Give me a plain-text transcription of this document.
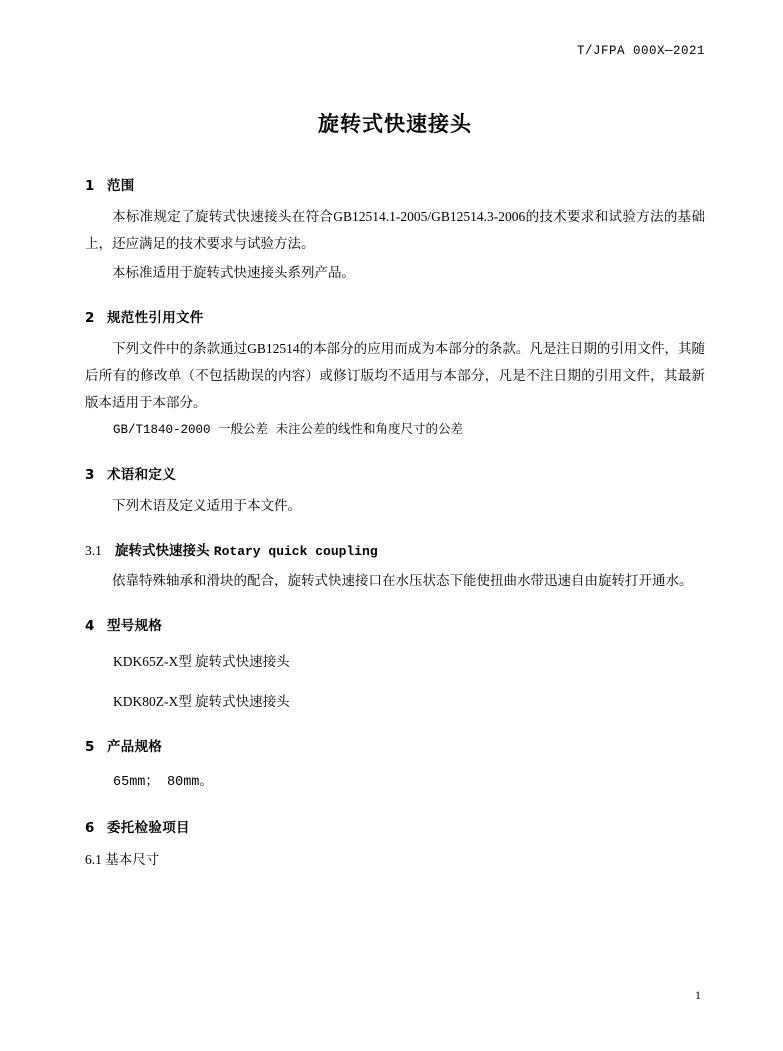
T/JFPA 000X—2021
旋转式快速接头
1 范围

本标准规定了旋转式快速接头在符合GB12514.1-2005/GB12514.3-2006的技术要求和试验方法的基础上，还应满足的技术要求与试验方法。

本标准适用于旋转式快速接头系列产品。

2 规范性引用文件

下列文件中的条款通过GB12514的本部分的应用而成为本部分的条款。凡是注日期的引用文件，其随后所有的修改单（不包括勘误的内容）或修订版均不适用与本部分，凡是不注日期的引用文件，其最新版本适用于本部分。

GB/T1840-2000 一般公差 未注公差的线性和角度尺寸的公差

3 术语和定义

下列术语及定义适用于本文件。

3.1 旋转式快速接头 Rotary quick coupling

依靠特殊轴承和滑块的配合，旋转式快速接口在水压状态下能使扭曲水带迅速自由旋转打开通水。

4 型号规格

KDK65Z-X型 旋转式快速接头

KDK80Z-X型 旋转式快速接头

5 产品规格

65mm； 80mm。

6 委托检验项目

6.1 基本尺寸

1
